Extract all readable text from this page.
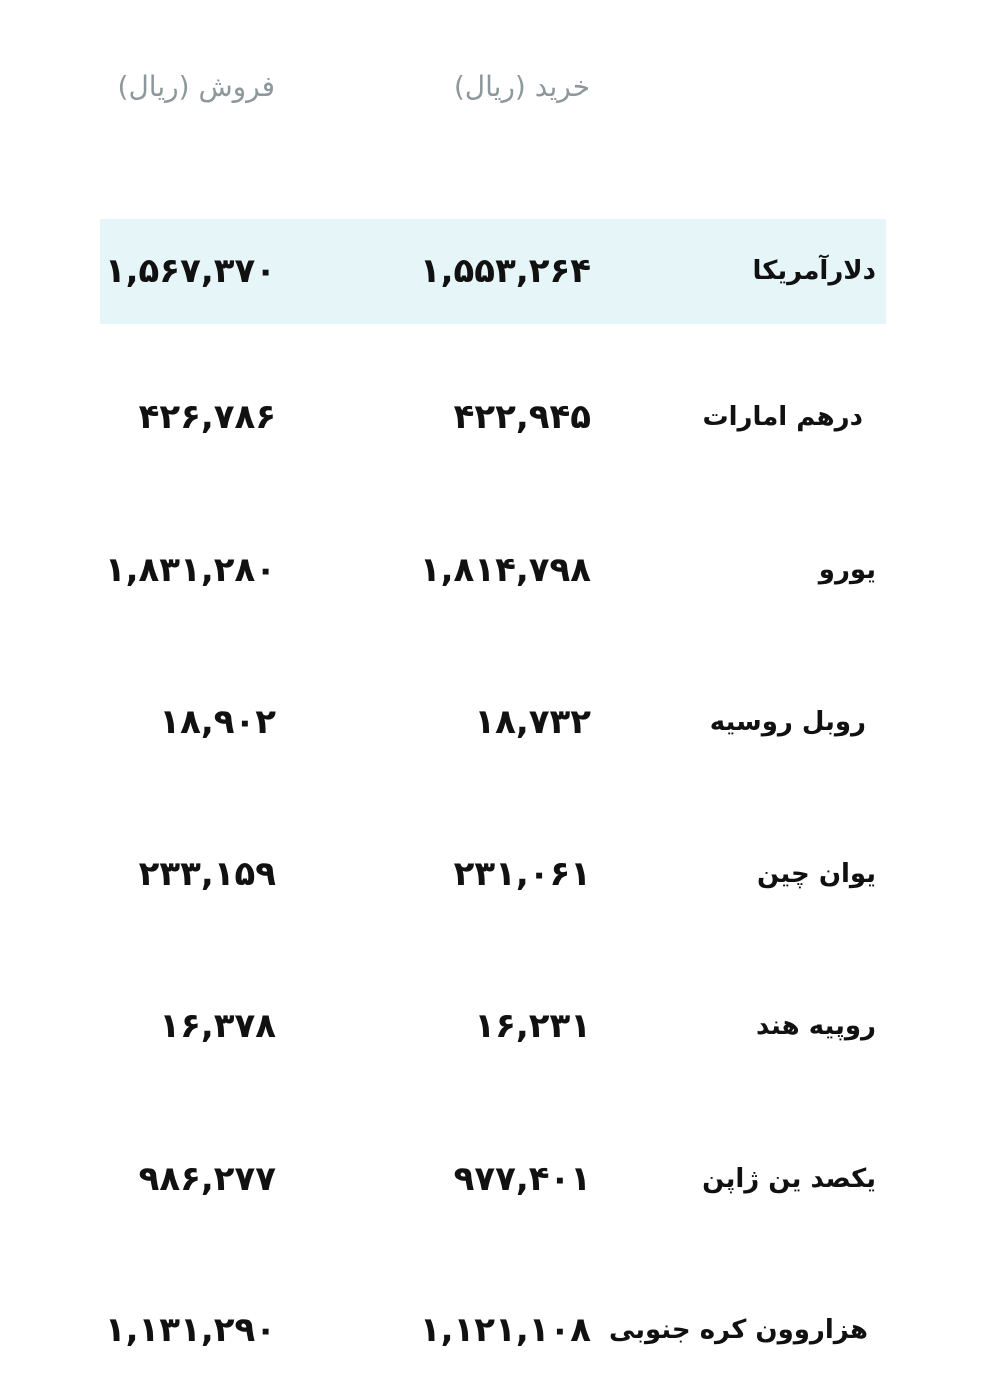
فروش (ریال)	خرید (ریال)
دلارآمریکا
۱,۵۵۳,۲۶۴
۱,۵۶۷,۳۷۰
درهم امارات
۴۲۲,۹۴۵
۴۲۶,۷۸۶
یورو
۱,۸۱۴,۷۹۸
۱,۸۳۱,۲۸۰
روبل روسیه
۱۸,۷۳۲
۱۸,۹۰۲
یوان چین
۲۳۱,۰۶۱
۲۳۳,۱۵۹
روپیه هند
۱۶,۲۳۱
۱۶,۳۷۸
یکصد ین ژاپن
۹۷۷,۴۰۱
۹۸۶,۲۷۷
هزاروون کره جنوبی
۱,۱۲۱,۱۰۸
۱,۱۳۱,۲۹۰
